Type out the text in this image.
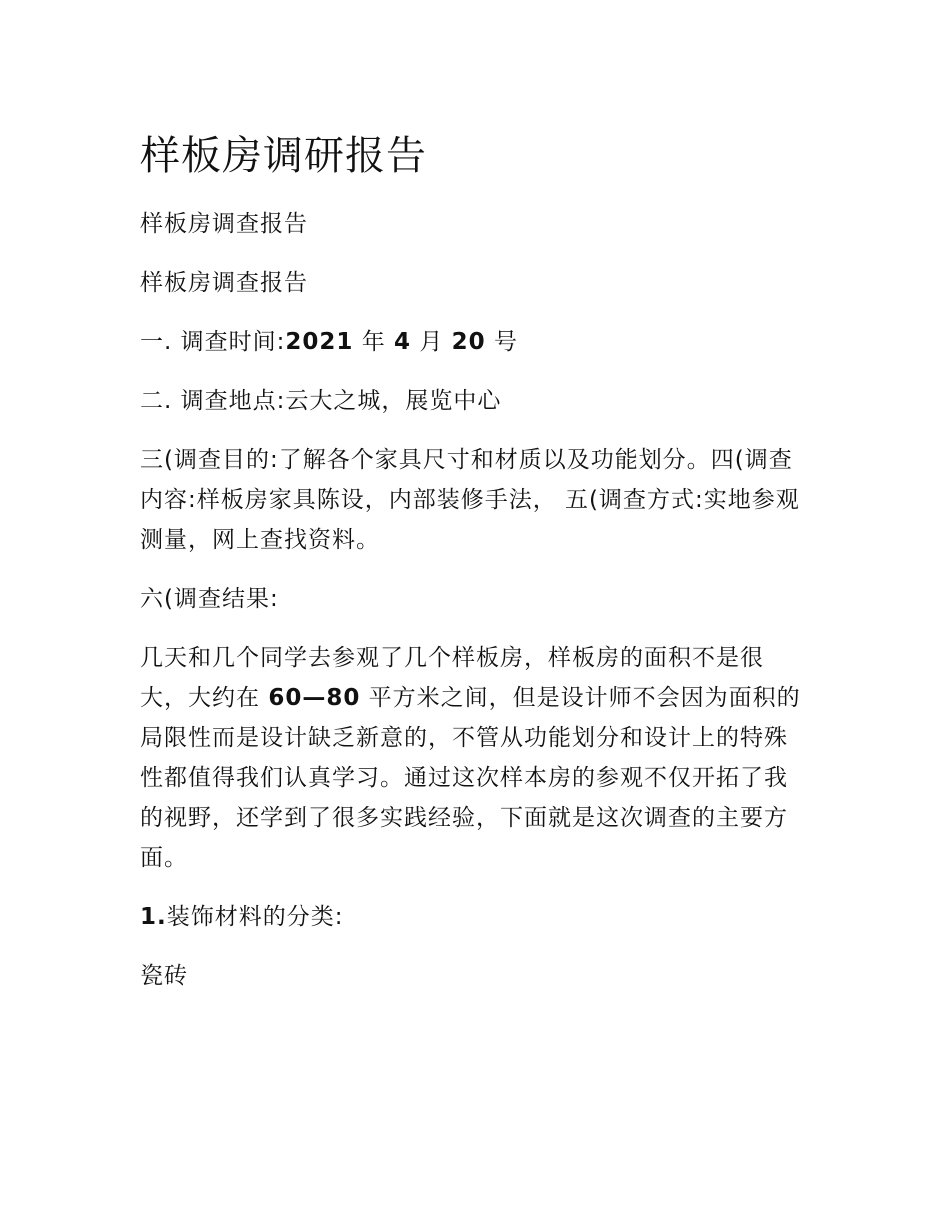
样板房调研报告

样板房调查报告

样板房调查报告

一. 调查时间:2021 年 4 月 20 号

二. 调查地点:云大之城，展览中心

三(调查目的:了解各个家具尺寸和材质以及功能划分。四(调查内容:样板房家具陈设，内部装修手法， 五(调查方式:实地参观测量，网上查找资料。

六(调查结果:

几天和几个同学去参观了几个样板房，样板房的面积不是很大，大约在 60—80 平方米之间，但是设计师不会因为面积的局限性而是设计缺乏新意的，不管从功能划分和设计上的特殊性都值得我们认真学习。通过这次样本房的参观不仅开拓了我的视野，还学到了很多实践经验，下面就是这次调查的主要方面。

1.装饰材料的分类:

瓷砖
